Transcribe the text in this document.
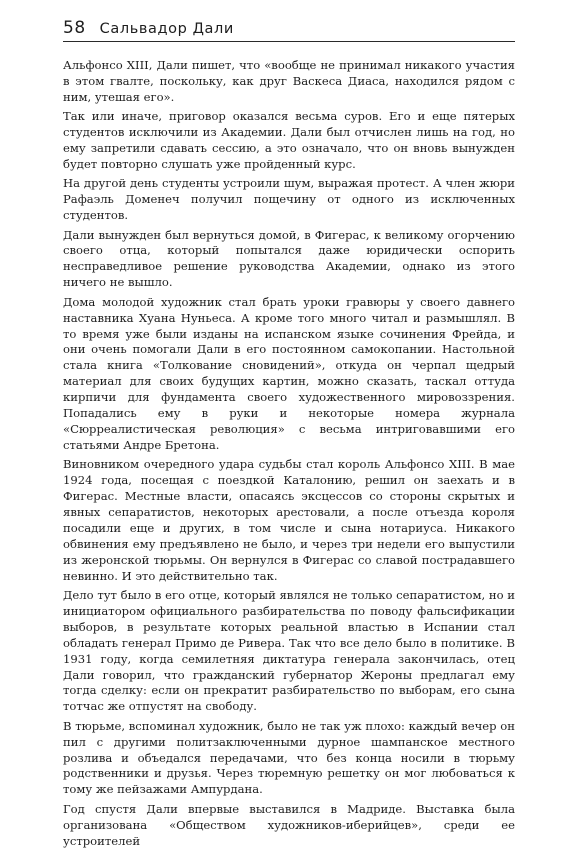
58 Сальвадор Дали

Альфонсо XIII, Дали пишет, что «вообще не принимал никакого участия в этом гвалте, поскольку, как друг Васкеса Диаса, находился рядом с ним, утешая его».

Так или иначе, приговор оказался весьма суров. Его и еще пятерых студентов исключили из Академии. Дали был отчислен лишь на год, но ему запретили сдавать сессию, а это означало, что он вновь вынужден будет повторно слушать уже пройденный курс.

На другой день студенты устроили шум, выражая протест. А член жюри Рафаэль Доменеч получил пощечину от одного из исключенных студентов.

Дали вынужден был вернуться домой, в Фигерас, к великому огорчению своего отца, который попытался даже юридически оспорить несправедливое решение руководства Академии, однако из этого ничего не вышло.

Дома молодой художник стал брать уроки гравюры у своего давнего наставника Хуана Нуньеса. А кроме того много читал и размышлял. В то время уже были изданы на испанском языке сочинения Фрейда, и они очень помогали Дали в его постоянном самокопании. Настольной стала книга «Толкование сновидений», откуда он черпал щедрый материал для своих будущих картин, можно сказать, таскал оттуда кирпичи для фундамента своего художественного мировоззрения. Попадались ему в руки и некоторые номера журнала «Сюрреалистическая революция» с весьма интриговавшими его статьями Андре Бретона.

Виновником очередного удара судьбы стал король Альфонсо XIII. В мае 1924 года, посещая с поездкой Каталонию, решил он заехать и в Фигерас. Местные власти, опасаясь эксцессов со стороны скрытых и явных сепаратистов, некоторых арестовали, а после отъезда короля посадили еще и других, в том числе и сына нотариуса. Никакого обвинения ему предъявлено не было, и через три недели его выпустили из жеронской тюрьмы. Он вернулся в Фигерас со славой пострадавшего невинно. И это действительно так.

Дело тут было в его отце, который являлся не только сепаратистом, но и инициатором официального разбирательства по поводу фальсификации выборов, в результате которых реальной властью в Испании стал обладать генерал Примо де Ривера. Так что все дело было в политике. В 1931 году, когда семилетняя диктатура генерала закончилась, отец Дали говорил, что гражданский губернатор Жероны предлагал ему тогда сделку: если он прекратит разбирательство по выборам, его сына тотчас же отпустят на свободу.

В тюрьме, вспоминал художник, было не так уж плохо: каждый вечер он пил с другими политзаключенными дурное шампанское местного розлива и объедался передачами, что без конца носили в тюрьму родственники и друзья. Через тюремную решетку он мог любоваться к тому же пейзажами Ампурдана.

Год спустя Дали впервые выставился в Мадриде. Выставка была организована «Обществом художников-иберийцев», среди ее устроителей
